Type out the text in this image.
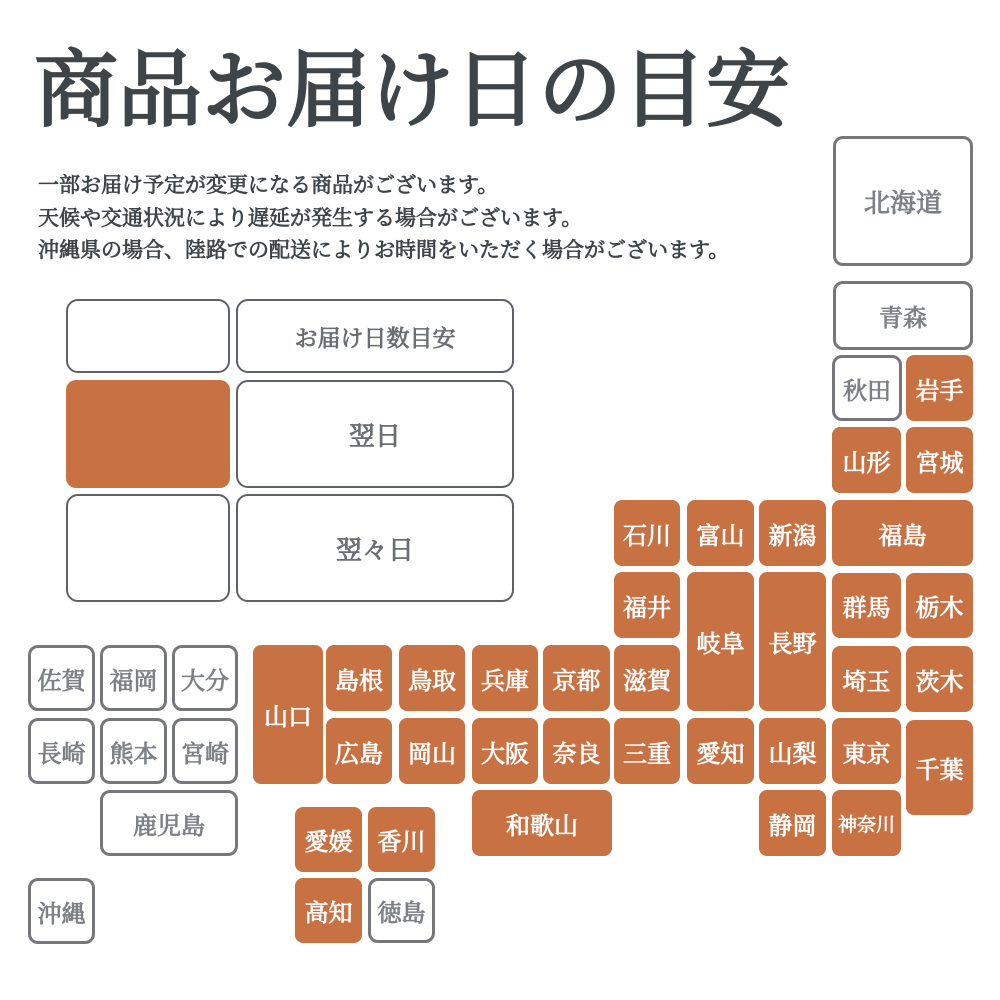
商品お届け日の目安

一部お届け予定が変更になる商品がございます。

天候や交通状況により遅延が発生する場合がございます。

沖縄県の場合、陸路での配送によりお時間をいただく場合がございます。

お届け日数目安
翌日
翌々日
北海道
青森
秋田	岩手
山形	宮城
石川	富山	新潟	福島
福井
岐阜	長野
群馬	栃木
滋賀	埼玉	茨木
佐賀	福岡 大分
山口
島根	鳥取	兵庫 京都
長崎	熊本 宮崎	広島	岡山	大阪 奈良 三重	愛知	山梨	東京
千葉
鹿児島	和歌山	静岡	神奈川
愛媛	香川
高知	徳島
沖縄
